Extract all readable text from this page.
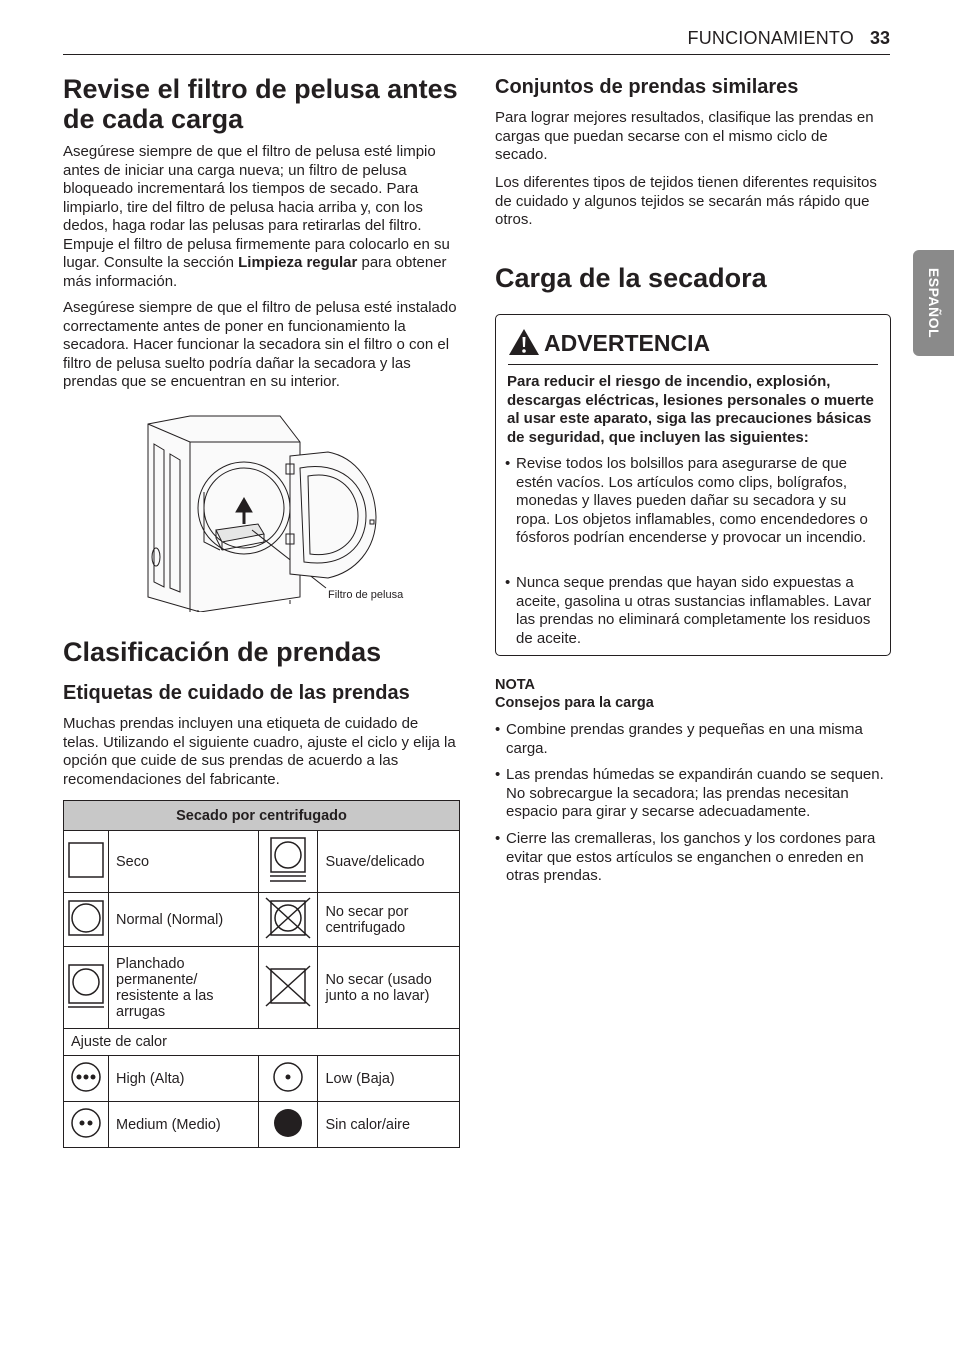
FUNCIONAMIENTO 33
ESPAÑOL
Revise el filtro de pelusa antes de cada carga

Asegúrese siempre de que el filtro de pelusa esté limpio antes de iniciar una carga nueva; un filtro de pelusa bloqueado incrementará los tiempos de secado. Para limpiarlo, tire del filtro de pelusa hacia arriba y, con los dedos, haga rodar las pelusas para retirarlas del filtro. Empuje el filtro de pelusa firmemente para colocarlo en su lugar. Consulte la sección Limpieza regular para obtener más información.

Asegúrese siempre de que el filtro de pelusa esté instalado correctamente antes de poner en funcionamiento la secadora. Hacer funcionar la secadora sin el filtro o con el filtro de pelusa suelto podría dañar la secadora y las prendas que se encuentran en su interior.

Filtro de pelusa
Clasificación de prendas
Etiquetas de cuidado de las prendas

Muchas prendas incluyen una etiqueta de cuidado de telas. Utilizando el siguiente cuadro, ajuste el ciclo y elija la opción que cuide de sus prendas de acuerdo a las recomendaciones del fabricante.

Secado por centrifugado			
	Seco		Suave/delicado
	Normal (Normal)		No secar por centrifugado
	Planchado permanente/ resistente a las arrugas		No secar (usado junto a no lavar)
Ajuste de calor			
	High (Alta)		Low (Baja)
	Medium (Medio)		Sin calor/aire
Conjuntos de prendas similares

Para lograr mejores resultados, clasifique las prendas en cargas que puedan secarse con el mismo ciclo de secado.

Los diferentes tipos de tejidos tienen diferentes requisitos de cuidado y algunos tejidos se secarán más rápido que otros.

Carga de la secadora
ADVERTENCIA

Para reducir el riesgo de incendio, explosión, descargas eléctricas, lesiones personales o muerte al usar este aparato, siga las precauciones básicas de seguridad, que incluyen las siguientes:

• Revise todos los bolsillos para asegurarse de que estén vacíos. Los artículos como clips, bolígrafos, monedas y llaves pueden dañar su secadora y su ropa. Los objetos inflamables, como encendedores o fósforos podrían encenderse y provocar un incendio.
• Nunca seque prendas que hayan sido expuestas a aceite, gasolina u otras sustancias inflamables. Lavar las prendas no eliminará completamente los residuos de aceite.
NOTA
Consejos para la carga
• Combine prendas grandes y pequeñas en una misma carga.
• Las prendas húmedas se expandirán cuando se sequen. No sobrecargue la secadora; las prendas necesitan espacio para girar y secarse adecuadamente.
• Cierre las cremalleras, los ganchos y los cordones para evitar que estos artículos se enganchen o enreden en otras prendas.
